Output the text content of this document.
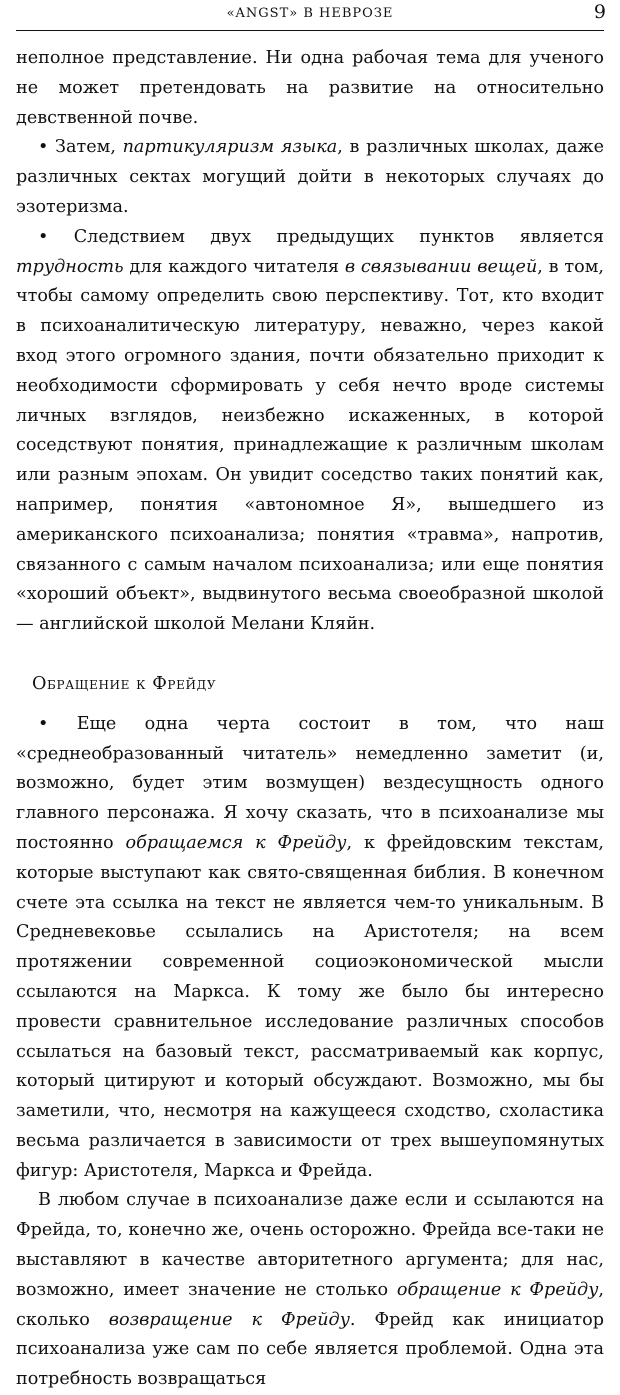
«ANGST» В НЕВРОЗЕ	9

неполное представление. Ни одна рабочая тема для ученого не может претендовать на развитие на относительно девственной почве.

• Затем, партикуляризм языка, в различных школах, даже различных сектах могущий дойти в некоторых случаях до эзотеризма.

• Следствием двух предыдущих пунктов является трудность для каждого читателя в связывании вещей, в том, чтобы самому определить свою перспективу. Тот, кто входит в психоаналитическую литературу, неважно, через какой вход этого огромного здания, почти обязательно приходит к необходимости сформировать у себя нечто вроде системы личных взглядов, неизбежно искаженных, в которой соседствуют понятия, принадлежащие к различным школам или разным эпохам. Он увидит соседство таких понятий как, например, понятия «автономное Я», вышедшего из американского психоанализа; понятия «травма», напротив, связанного с самым началом психоанализа; или еще понятия «хороший объект», выдвинутого весьма своеобразной школой — английской школой Мелани Кляйн.

Обращение к Фрейду

• Еще одна черта состоит в том, что наш «среднеобразованный читатель» немедленно заметит (и, возможно, будет этим возмущен) вездесущность одного главного персонажа. Я хочу сказать, что в психоанализе мы постоянно обращаемся к Фрейду, к фрейдовским текстам, которые выступают как свято-священная библия. В конечном счете эта ссылка на текст не является чем-то уникальным. В Средневековье ссылались на Аристотеля; на всем протяжении современной социоэкономической мысли ссылаются на Маркса. К тому же было бы интересно провести сравнительное исследование различных способов ссылаться на базовый текст, рассматриваемый как корпус, который цитируют и который обсуждают. Возможно, мы бы заметили, что, несмотря на кажущееся сходство, схоластика весьма различается в зависимости от трех вышеупомянутых фигур: Аристотеля, Маркса и Фрейда.

В любом случае в психоанализе даже если и ссылаются на Фрейда, то, конечно же, очень осторожно. Фрейда все-таки не выставляют в качестве авторитетного аргумента; для нас, возможно, имеет значение не столько обращение к Фрейду, сколько возвращение к Фрейду. Фрейд как инициатор психоанализа уже сам по себе является проблемой. Одна эта потребность возвращаться
